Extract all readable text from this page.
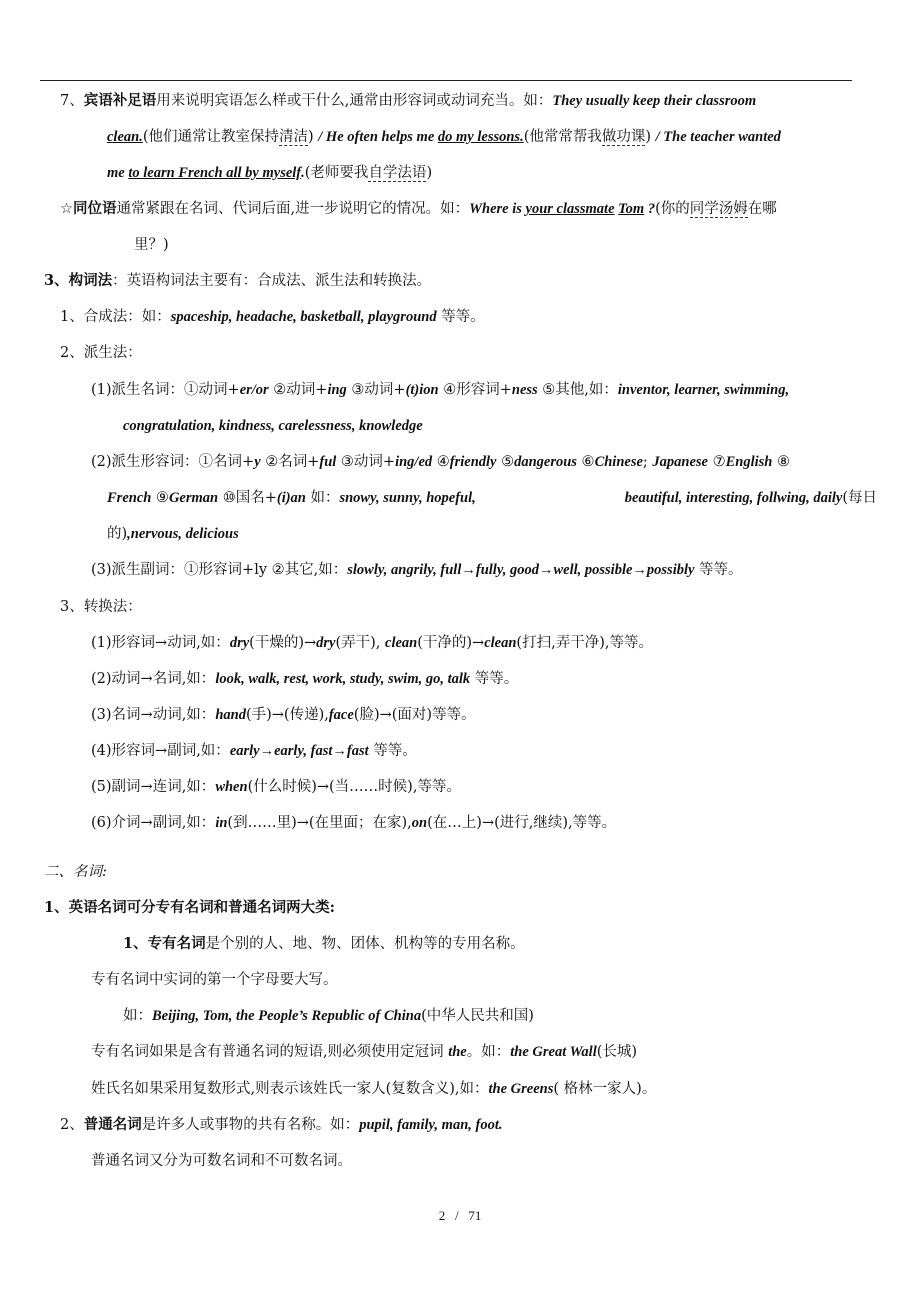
7、宾语补足语用来说明宾语怎么样或干什么,通常由形容词或动词充当。如：They usually keep their classroom
clean.(他们通常让教室保持清洁) / He often helps me do my lessons.(他常常帮我做功课) / The teacher wanted
me to learn French all by myself.(老师要我自学法语)
☆同位语通常紧跟在名词、代词后面,进一步说明它的情况。如：Where is your classmate Tom ?(你的同学汤姆在哪
里？)
3、构词法：英语构词法主要有：合成法、派生法和转换法。
1、合成法：如：spaceship, headache, basketball, playground 等等。
2、派生法：
(1)派生名词：①动词+er/or ②动词+ing ③动词+(t)ion ④形容词+ness ⑤其他,如：inventor, learner, swimming,
congratulation, kindness, carelessness, knowledge
(2)派生形容词：①名词+y ②名词+ful ③动词+ing/ed ④friendly ⑤dangerous ⑥Chinese; Japanese ⑦English ⑧
French ⑨German ⑩国名+(i)an 如：snowy, sunny, hopeful,	beautiful, interesting, follwing, daily(每日
的),nervous, delicious
(3)派生副词：①形容词+ly ②其它,如：slowly, angrily, full→fully, good→well, possible→possibly 等等。
3、转换法：
(1)形容词→动词,如：dry(干燥的)→dry(弄干), clean(干净的)→clean(打扫,弄干净),等等。
(2)动词→名词,如：look, walk, rest, work, study, swim, go, talk 等等。
(3)名词→动词,如：hand(手)→(传递),face(脸)→(面对)等等。
(4)形容词→副词,如：early→early, fast→fast 等等。
(5)副词→连词,如：when(什么时候)→(当……时候),等等。
(6)介词→副词,如：in(到……里)→(在里面；在家),on(在…上)→(进行,继续),等等。
二、名词:
1、英语名词可分专有名词和普通名词两大类:
1、专有名词是个别的人、地、物、团体、机构等的专用名称。
专有名词中实词的第一个字母要大写。
如：Beijing, Tom, the People’s Republic of China(中华人民共和国)
专有名词如果是含有普通名词的短语,则必须使用定冠词 the。如：the Great Wall(长城)
姓氏名如果采用复数形式,则表示该姓氏一家人(复数含义),如：the Greens( 格林一家人)。
2、普通名词是许多人或事物的共有名称。如：pupil, family, man, foot.
普通名词又分为可数名词和不可数名词。
2 / 71
